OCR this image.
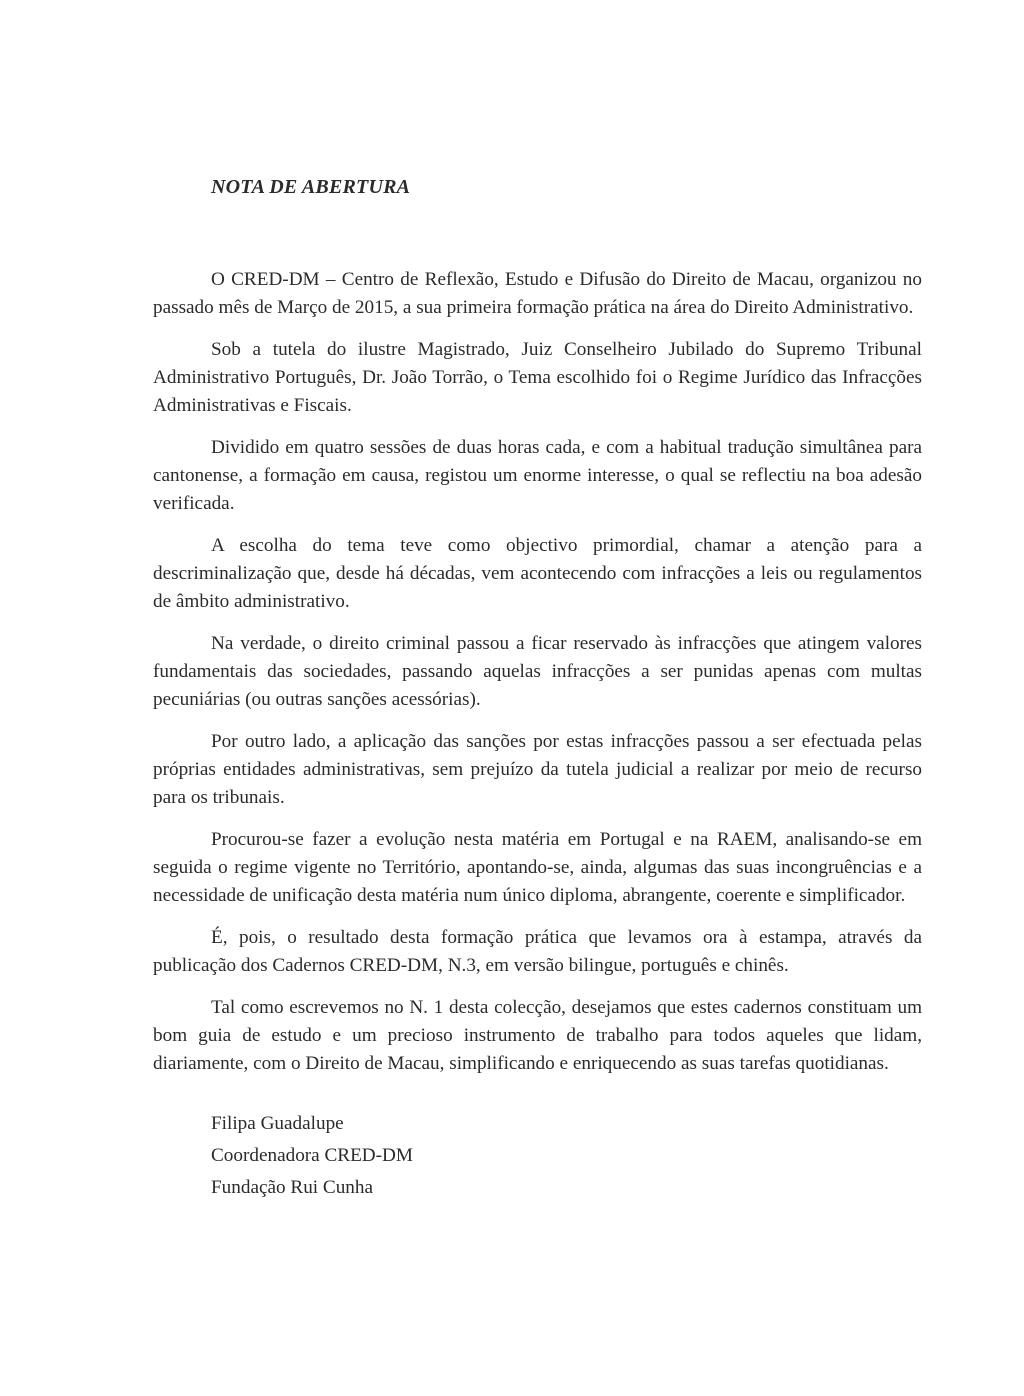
NOTA DE ABERTURA

O CRED-DM – Centro de Reflexão, Estudo e Difusão do Direito de Macau, organizou no passado mês de Março de 2015, a sua primeira formação prática na área do Direito Administrativo.

Sob a tutela do ilustre Magistrado, Juiz Conselheiro Jubilado do Supremo Tribunal Administrativo Português, Dr. João Torrão, o Tema escolhido foi o Regime Jurídico das Infracções Administrativas e Fiscais.

Dividido em quatro sessões de duas horas cada, e com a habitual tradução simultânea para cantonense, a formação em causa, registou um enorme interesse, o qual se reflectiu na boa adesão verificada.

A escolha do tema teve como objectivo primordial, chamar a atenção para a descriminalização que, desde há décadas, vem acontecendo com infracções a leis ou regulamentos de âmbito administrativo.

Na verdade, o direito criminal passou a ficar reservado às infracções que atingem valores fundamentais das sociedades, passando aquelas infracções a ser punidas apenas com multas pecuniárias (ou outras sanções acessórias).

Por outro lado, a aplicação das sanções por estas infracções passou a ser efectuada pelas próprias entidades administrativas, sem prejuízo da tutela judicial a realizar por meio de recurso para os tribunais.

Procurou-se fazer a evolução nesta matéria em Portugal e na RAEM, analisando-se em seguida o regime vigente no Território, apontando-se, ainda, algumas das suas incongruências e a necessidade de unificação desta matéria num único diploma, abrangente, coerente e simplificador.

É, pois, o resultado desta formação prática que levamos ora à estampa, através da publicação dos Cadernos CRED-DM, N.3, em versão bilingue, português e chinês.

Tal como escrevemos no N. 1 desta colecção, desejamos que estes cadernos constituam um bom guia de estudo e um precioso instrumento de trabalho para todos aqueles que lidam, diariamente, com o Direito de Macau, simplificando e enriquecendo as suas tarefas quotidianas.

Filipa Guadalupe
Coordenadora CRED-DM
Fundação Rui Cunha
